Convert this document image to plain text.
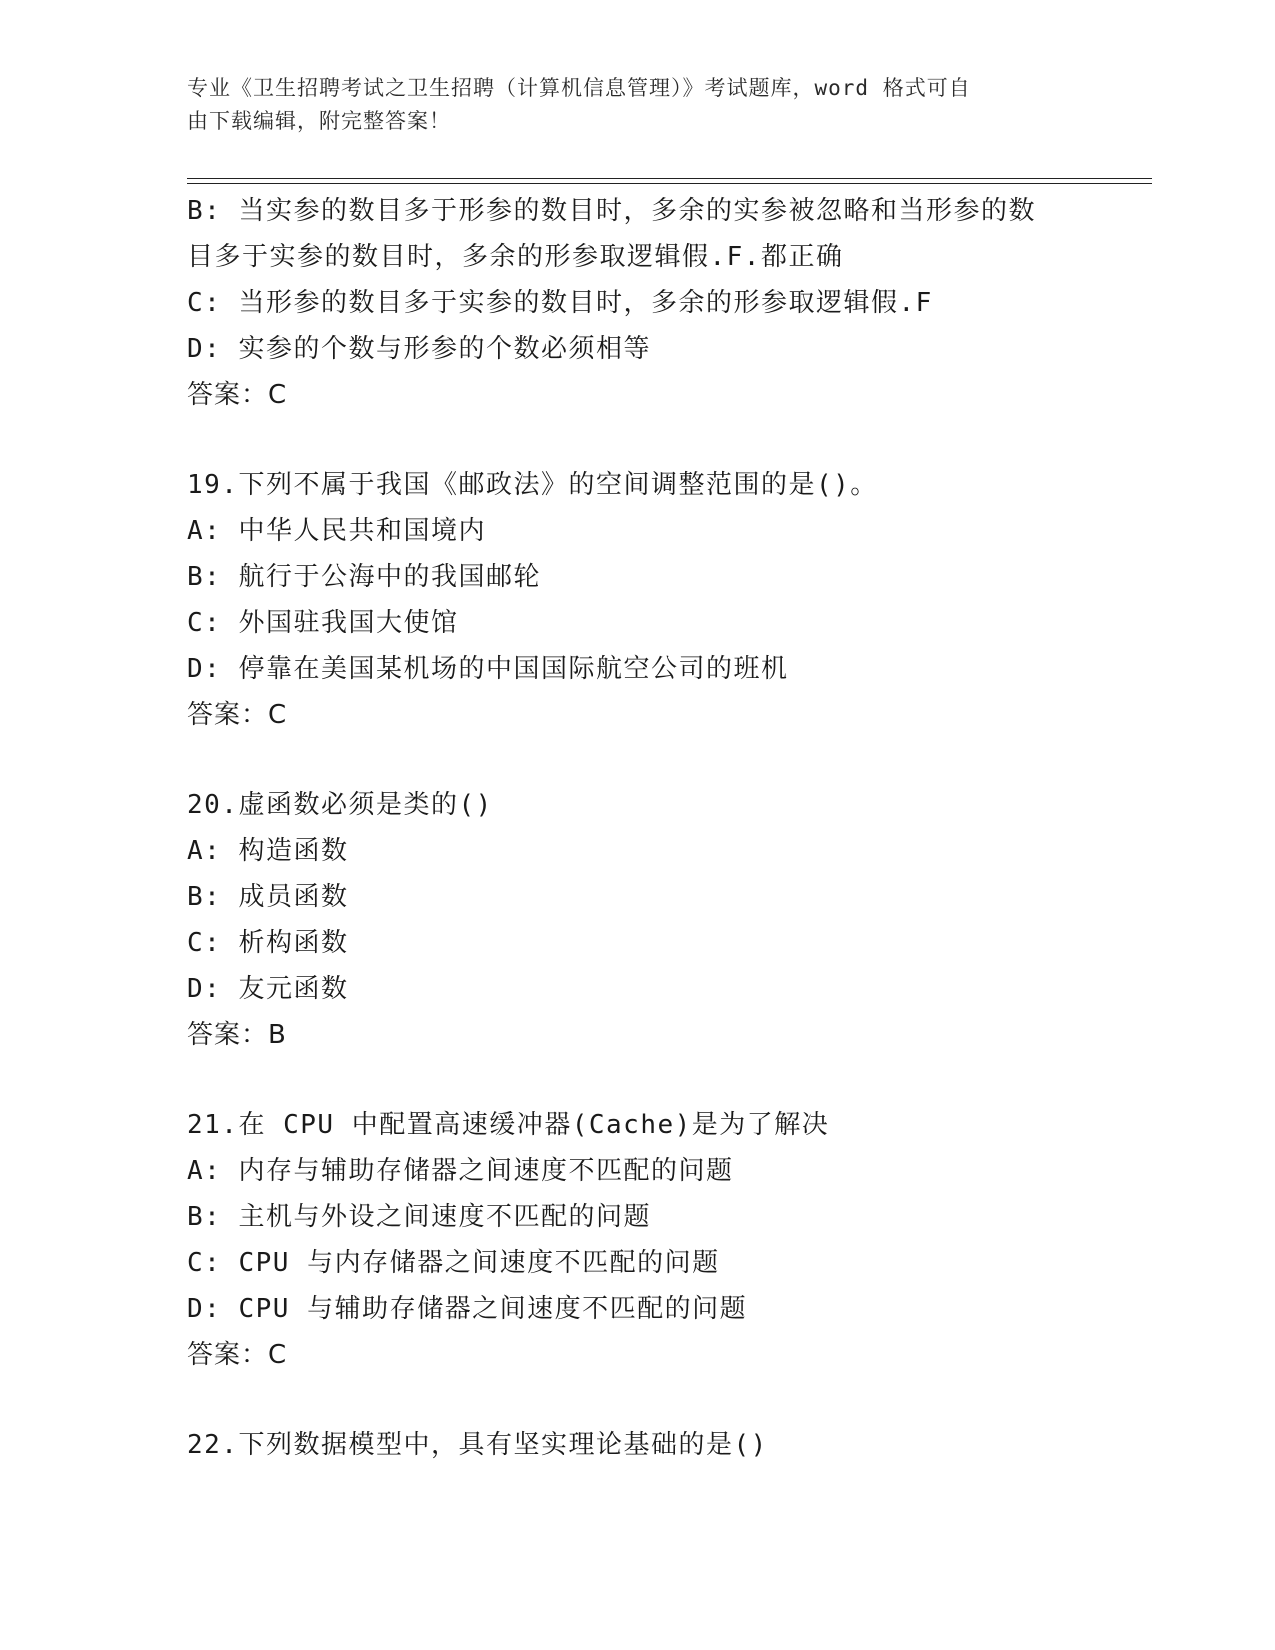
专业《卫生招聘考试之卫生招聘（计算机信息管理）》考试题库，word 格式可自
由下载编辑，附完整答案！
B: 当实参的数目多于形参的数目时，多余的实参被忽略和当形参的数
目多于实参的数目时，多余的形参取逻辑假.F.都正确
C: 当形参的数目多于实参的数目时，多余的形参取逻辑假.F
D: 实参的个数与形参的个数必须相等
答案：C
19.下列不属于我国《邮政法》的空间调整范围的是()。
A: 中华人民共和国境内
B: 航行于公海中的我国邮轮
C: 外国驻我国大使馆
D: 停靠在美国某机场的中国国际航空公司的班机
答案：C
20.虚函数必须是类的()
A: 构造函数
B: 成员函数
C: 析构函数
D: 友元函数
答案：B
21.在 CPU 中配置高速缓冲器(Cache)是为了解决
A: 内存与辅助存储器之间速度不匹配的问题
B: 主机与外设之间速度不匹配的问题
C: CPU 与内存储器之间速度不匹配的问题
D: CPU 与辅助存储器之间速度不匹配的问题
答案：C
22.下列数据模型中，具有坚实理论基础的是()
